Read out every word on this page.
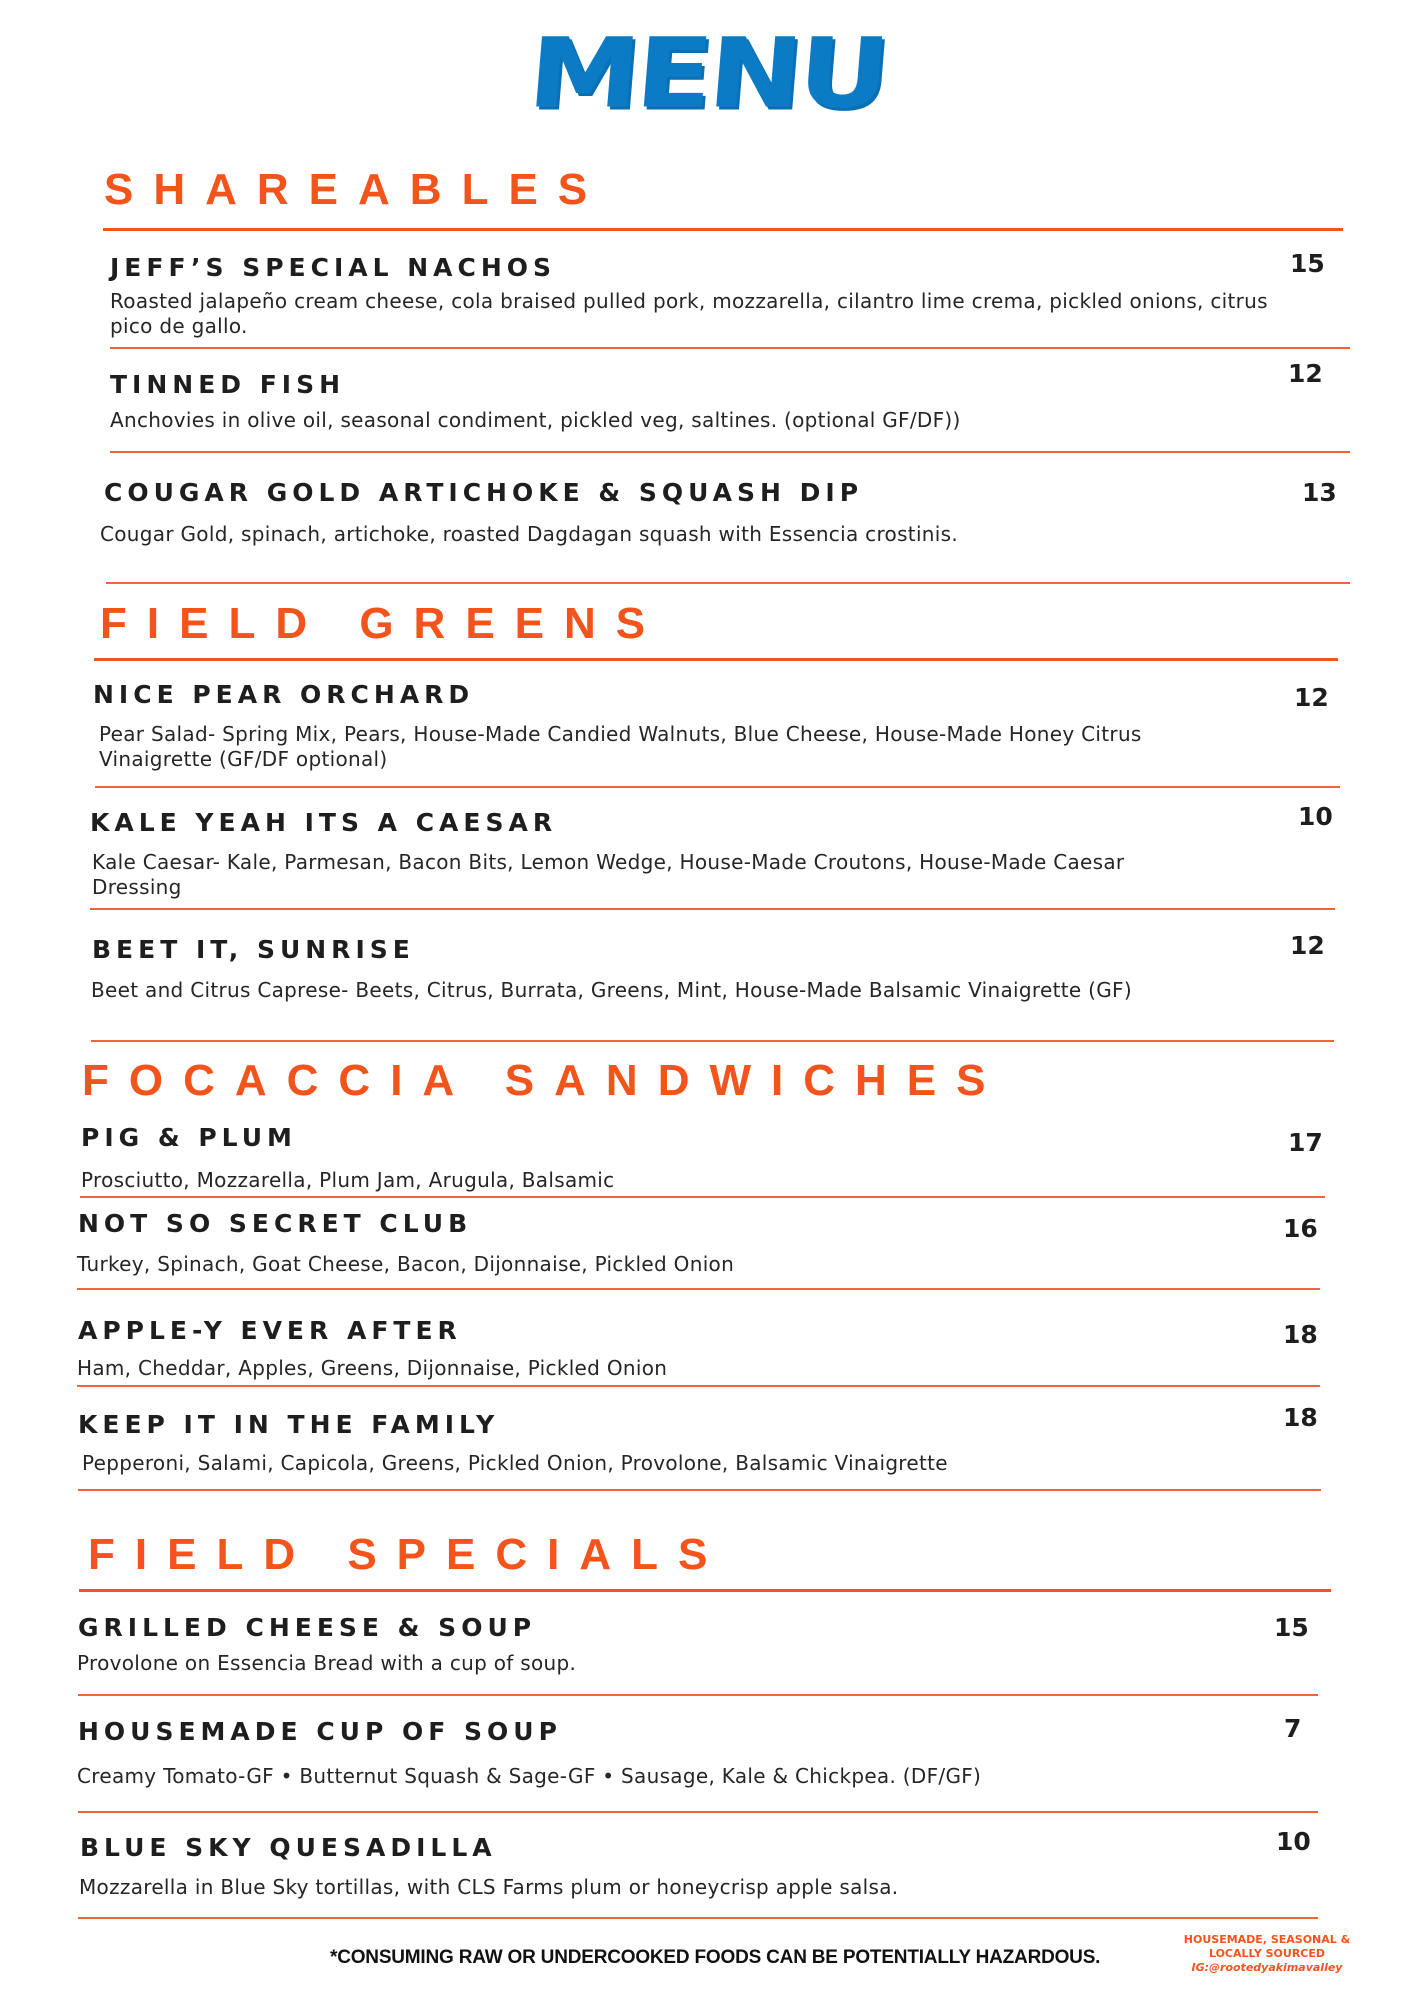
MENU
SHAREABLES
JEFF’S SPECIAL NACHOS	15
Roasted jalapeño cream cheese, cola braised pulled pork, mozzarella, cilantro lime crema, pickled onions, citrus pico de gallo.
TINNED FISH	12
Anchovies in olive oil, seasonal condiment, pickled veg, saltines. (optional GF/DF))
COUGAR GOLD ARTICHOKE & SQUASH DIP	13
Cougar Gold, spinach, artichoke, roasted Dagdagan squash with Essencia crostinis.
FIELD GREENS
NICE PEAR ORCHARD	12
Pear Salad- Spring Mix, Pears, House-Made Candied Walnuts, Blue Cheese, House-Made Honey Citrus Vinaigrette (GF/DF optional)
KALE YEAH ITS A CAESAR	10
Kale Caesar- Kale, Parmesan, Bacon Bits, Lemon Wedge, House-Made Croutons, House-Made Caesar Dressing
BEET IT, SUNRISE	12
Beet and Citrus Caprese- Beets, Citrus, Burrata, Greens, Mint, House-Made Balsamic Vinaigrette (GF)
FOCACCIA SANDWICHES
PIG & PLUM	17
Prosciutto, Mozzarella, Plum Jam, Arugula, Balsamic
NOT SO SECRET CLUB	16
Turkey, Spinach, Goat Cheese, Bacon, Dijonnaise, Pickled Onion
APPLE-Y EVER AFTER	18
Ham, Cheddar, Apples, Greens, Dijonnaise, Pickled Onion
KEEP IT IN THE FAMILY	18
Pepperoni, Salami, Capicola, Greens, Pickled Onion, Provolone, Balsamic Vinaigrette
FIELD SPECIALS
GRILLED CHEESE & SOUP	15
Provolone on Essencia Bread with a cup of soup.
HOUSEMADE CUP OF SOUP	7
Creamy Tomato-GF • Butternut Squash & Sage-GF • Sausage, Kale & Chickpea. (DF/GF)
BLUE SKY QUESADILLA	10
Mozzarella in Blue Sky tortillas, with CLS Farms plum or honeycrisp apple salsa.
*CONSUMING RAW OR UNDERCOOKED FOODS CAN BE POTENTIALLY HAZARDOUS.
HOUSEMADE, SEASONAL & LOCALLY SOURCED
IG:@rootedyakimavalley
